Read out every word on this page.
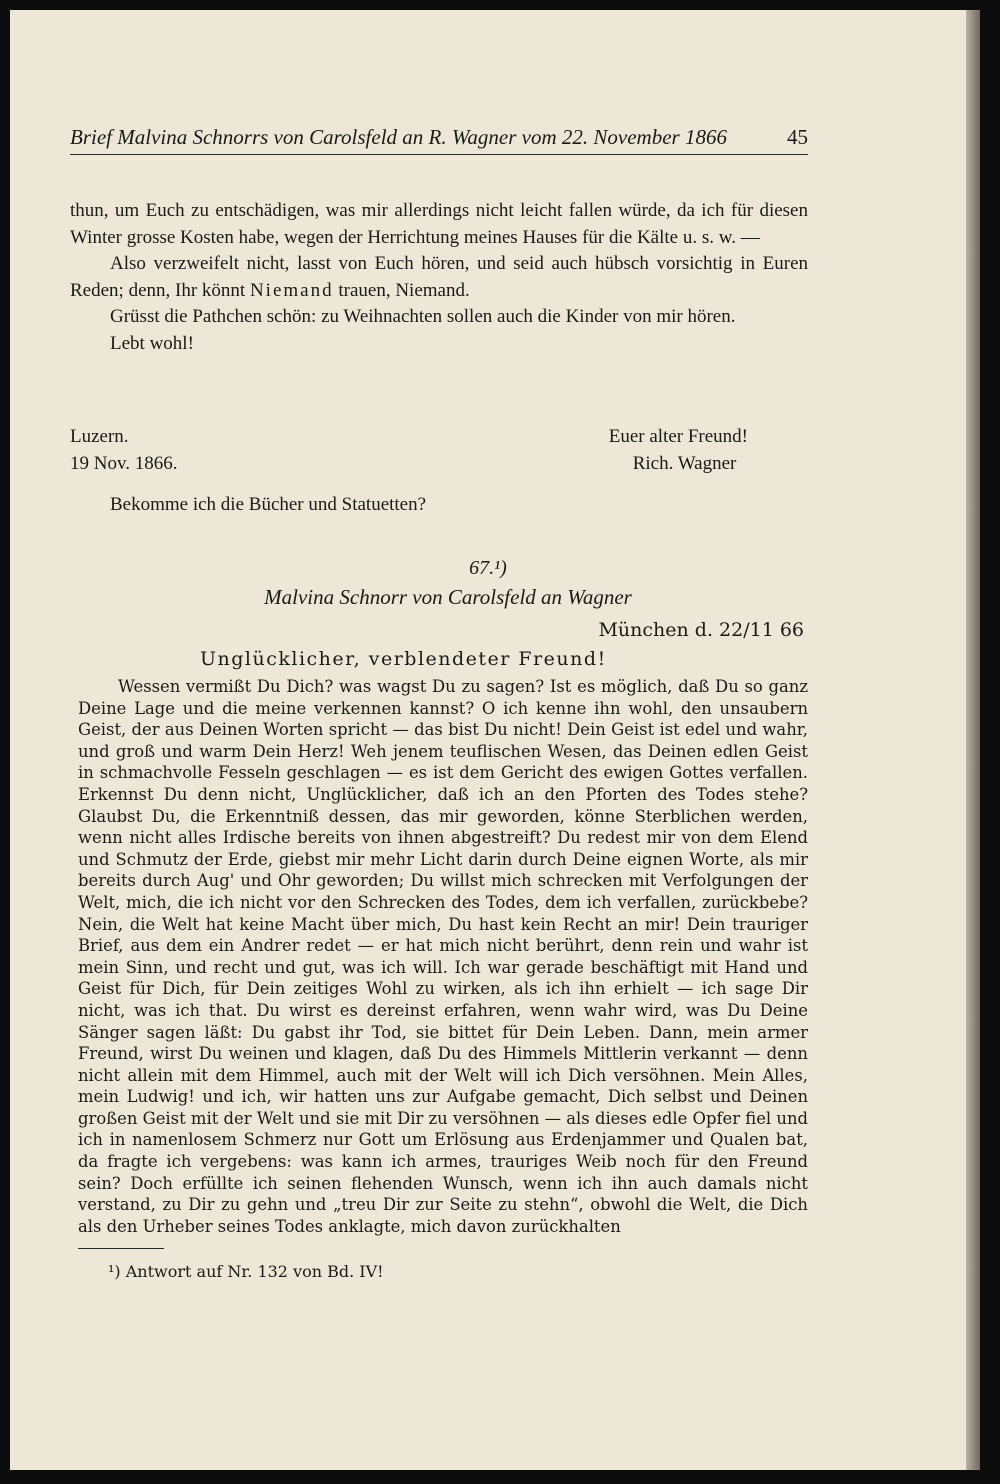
Brief Malvina Schnorrs von Carolsfeld an R. Wagner vom 22. November 1866	45

thun, um Euch zu entschädigen, was mir allerdings nicht leicht fallen würde, da ich für diesen Winter grosse Kosten habe, wegen der Herrichtung meines Hauses für die Kälte u. s. w. —

Also verzweifelt nicht, lasst von Euch hören, und seid auch hübsch vorsichtig in Euren Reden; denn, Ihr könnt Niemand trauen, Niemand.

Grüsst die Pathchen schön: zu Weihnachten sollen auch die Kinder von mir hören.

Lebt wohl!

Luzern.
19 Nov. 1866.
Euer alter Freund!
Rich. Wagner
Bekomme ich die Bücher und Statuetten?
67.¹)
Malvina Schnorr von Carolsfeld an Wagner
München d. 22/11 66
Unglücklicher, verblendeter Freund!

Wessen vermißt Du Dich? was wagst Du zu sagen? Ist es möglich, daß Du so ganz Deine Lage und die meine verkennen kannst? O ich kenne ihn wohl, den unsaubern Geist, der aus Deinen Worten spricht — das bist Du nicht! Dein Geist ist edel und wahr, und groß und warm Dein Herz! Weh jenem teuflischen Wesen, das Deinen edlen Geist in schmachvolle Fesseln geschlagen — es ist dem Gericht des ewigen Gottes verfallen. Erkennst Du denn nicht, Unglücklicher, daß ich an den Pforten des Todes stehe? Glaubst Du, die Erkenntniß dessen, das mir geworden, könne Sterblichen werden, wenn nicht alles Irdische bereits von ihnen abgestreift? Du redest mir von dem Elend und Schmutz der Erde, giebst mir mehr Licht darin durch Deine eignen Worte, als mir bereits durch Aug' und Ohr geworden; Du willst mich schrecken mit Verfolgungen der Welt, mich, die ich nicht vor den Schrecken des Todes, dem ich verfallen, zurückbebe? Nein, die Welt hat keine Macht über mich, Du hast kein Recht an mir! Dein trauriger Brief, aus dem ein Andrer redet — er hat mich nicht berührt, denn rein und wahr ist mein Sinn, und recht und gut, was ich will. Ich war gerade beschäftigt mit Hand und Geist für Dich, für Dein zeitiges Wohl zu wirken, als ich ihn erhielt — ich sage Dir nicht, was ich that. Du wirst es dereinst erfahren, wenn wahr wird, was Du Deine Sänger sagen läßt: Du gabst ihr Tod, sie bittet für Dein Leben. Dann, mein armer Freund, wirst Du weinen und klagen, daß Du des Himmels Mittlerin verkannt — denn nicht allein mit dem Himmel, auch mit der Welt will ich Dich versöhnen. Mein Alles, mein Ludwig! und ich, wir hatten uns zur Aufgabe gemacht, Dich selbst und Deinen großen Geist mit der Welt und sie mit Dir zu versöhnen — als dieses edle Opfer fiel und ich in namenlosem Schmerz nur Gott um Erlösung aus Erdenjammer und Qualen bat, da fragte ich vergebens: was kann ich armes, trauriges Weib noch für den Freund sein? Doch erfüllte ich seinen flehenden Wunsch, wenn ich ihn auch damals nicht verstand, zu Dir zu gehn und „treu Dir zur Seite zu stehn“, obwohl die Welt, die Dich als den Urheber seines Todes anklagte, mich davon zurückhalten

¹) Antwort auf Nr. 132 von Bd. IV!
